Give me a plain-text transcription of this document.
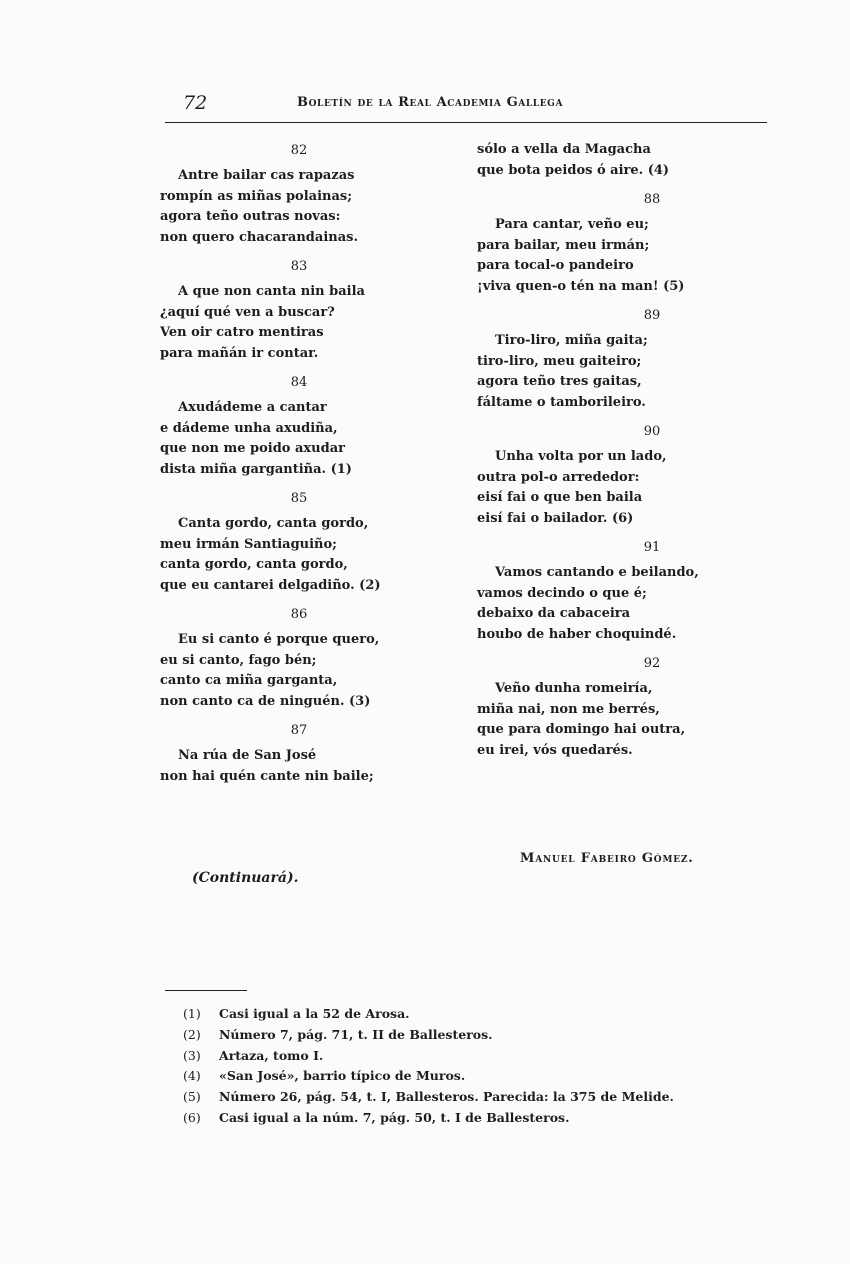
72	Boletín de la Real Academia Gallega
82
Antre bailar cas rapazas
rompín as miñas polainas;
agora teño outras novas:
non quero chacarandainas.
83
A que non canta nin baila
¿aquí qué ven a buscar?
Ven oir catro mentiras
para mañán ir contar.
84
Axudádeme a cantar
e dádeme unha axudiña,
que non me poido axudar
dista miña gargantiña. (1)
85
Canta gordo, canta gordo,
meu irmán Santiaguiño;
canta gordo, canta gordo,
que eu cantarei delgadiño. (2)
86
Eu si canto é porque quero,
eu si canto, fago bén;
canto ca miña garganta,
non canto ca de ninguén. (3)
87
Na rúa de San José
non hai quén cante nin baile;
sólo a vella da Magacha
que bota peidos ó aire. (4)
88
Para cantar, veño eu;
para bailar, meu irmán;
para tocal-o pandeiro
¡viva quen-o tén na man! (5)
89
Tiro-liro, miña gaita;
tiro-liro, meu gaiteiro;
agora teño tres gaitas,
fáltame o tamborileiro.
90
Unha volta por un lado,
outra pol-o arrededor:
eisí fai o que ben baila
eisí fai o bailador. (6)
91
Vamos cantando e beilando,
vamos decindo o que é;
debaixo da cabaceira
houbo de haber choquindé.
92
Veño dunha romeiría,
miña nai, non me berrés,
que para domingo hai outra,
eu irei, vós quedarés.
(Continuará).
Manuel Fabeiro Gómez.
(1) Casi igual a la 52 de Arosa.
(2) Número 7, pág. 71, t. II de Ballesteros.
(3) Artaza, tomo I.
(4) «San José», barrio típico de Muros.
(5) Número 26, pág. 54, t. I, Ballesteros. Parecida: la 375 de Melide.
(6) Casi igual a la núm. 7, pág. 50, t. I de Ballesteros.
